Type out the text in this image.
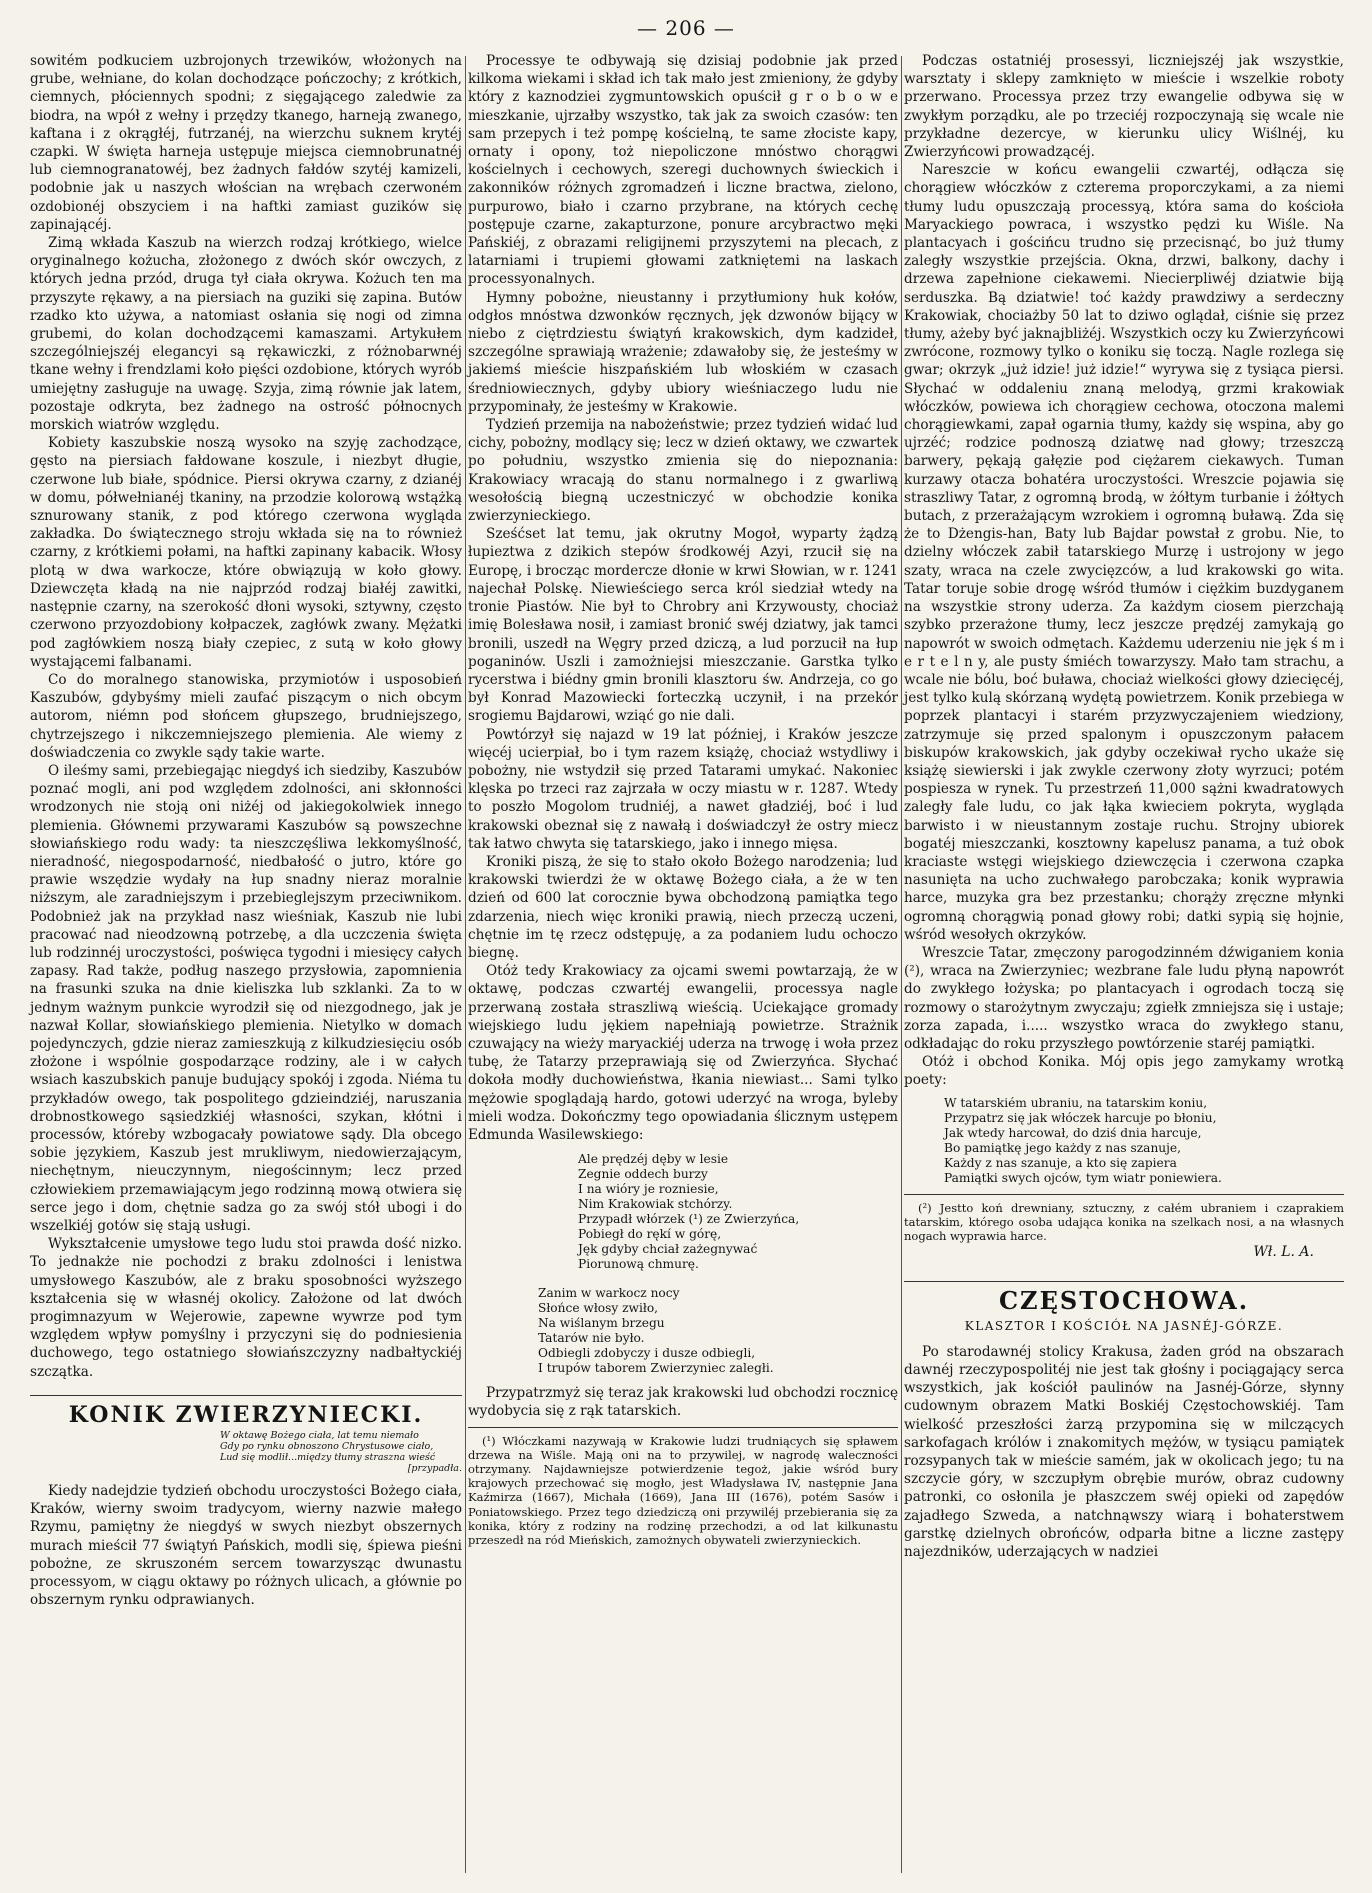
— 206 —

sowitém podkuciem uzbrojonych trzewików, włożonych na grube, wełniane, do kolan dochodzące pończochy; z krótkich, ciemnych, płóciennych spodni; z sięgającego zaledwie za biodra, na wpół z wełny i przędzy tkanego, harneją zwanego, kaftana i z okrągłéj, futrzanéj, na wierzchu suknem krytéj czapki. W święta harneja ustępuje miejsca ciemnobrunatnéj lub ciemnogranatowéj, bez żadnych fałdów szytéj kamizeli, podobnie jak u naszych włościan na wrębach czerwoném ozdobionéj obszyciem i na haftki zamiast guzików się zapinającéj.

Zimą wkłada Kaszub na wierzch rodzaj krótkiego, wielce oryginalnego kożucha, złożonego z dwóch skór owczych, z których jedna przód, druga tył ciała okrywa. Kożuch ten ma przyszyte rękawy, a na piersiach na guziki się zapina. Butów rzadko kto używa, a natomiast osłania się nogi od zimna grubemi, do kolan dochodzącemi kamaszami. Artykułem szczególniejszéj elegancyi są rękawiczki, z różnobarwnéj tkane wełny i frendzlami koło pięści ozdobione, których wyrób umiejętny zasługuje na uwagę. Szyja, zimą równie jak latem, pozostaje odkryta, bez żadnego na ostrość północnych morskich wiatrów względu.

Kobiety kaszubskie noszą wysoko na szyję zachodzące, gęsto na piersiach fałdowane koszule, i niezbyt długie, czerwone lub białe, spódnice. Piersi okrywa czarny, z dzianéj w domu, półwełnianéj tkaniny, na przodzie kolorową wstążką sznurowany stanik, z pod którego czerwona wygląda zakładka. Do świątecznego stroju wkłada się na to również czarny, z krótkiemi połami, na haftki zapinany kabacik. Włosy plotą w dwa warkocze, które obwiązują w koło głowy. Dziewczęta kładą na nie najprzód rodzaj białéj zawitki, następnie czarny, na szerokość dłoni wysoki, sztywny, często czerwono przyozdobiony kołpaczek, zagłówk zwany. Mężatki pod zagłówkiem noszą biały czepiec, z sutą w koło głowy wystającemi falbanami.

Co do moralnego stanowiska, przymiotów i usposobień Kaszubów, gdybyśmy mieli zaufać piszącym o nich obcym autorom, niémn pod słońcem głupszego, brudniejszego, chytrzejszego i nikczemniejszego plemienia. Ale wiemy z doświadczenia co zwykle sądy takie warte.

O ileśmy sami, przebiegając niegdyś ich siedziby, Kaszubów poznać mogli, ani pod względem zdolności, ani skłonności wrodzonych nie stoją oni niżéj od jakiegokolwiek innego plemienia. Głównemi przywarami Kaszubów są powszechne słowiańskiego rodu wady: ta nieszczęśliwa lekkomyślność, nieradność, niegospodarność, niedbałość o jutro, które go prawie wszędzie wydały na łup snadny nieraz moralnie niższym, ale zaradniejszym i przebieglejszym przeciwnikom. Podobnież jak na przykład nasz wieśniak, Kaszub nie lubi pracować nad nieodzowną potrzebę, a dla uczczenia święta lub rodzinnéj uroczystości, poświęca tygodni i miesięcy całych zapasy. Rad także, podług naszego przysłowia, zapomnienia na frasunki szuka na dnie kieliszka lub szklanki. Za to w jednym ważnym punkcie wyrodził się od niezgodnego, jak je nazwał Kollar, słowiańskiego plemienia. Nietylko w domach pojedynczych, gdzie nieraz zamieszkują z kilkudziesięciu osób złożone i wspólnie gospodarzące rodziny, ale i w całych wsiach kaszubskich panuje budujący spokój i zgoda. Niéma tu przykładów owego, tak pospolitego gdzieindziéj, naruszania drobnostkowego sąsiedzkiéj własności, szykan, kłótni i processów, któreby wzbogacały powiatowe sądy. Dla obcego sobie językiem, Kaszub jest mrukliwym, niedowierzającym, niechętnym, nieuczynnym, niegościnnym; lecz przed człowiekiem przemawiającym jego rodzinną mową otwiera się serce jego i dom, chętnie sadza go za swój stół ubogi i do wszelkiéj gotów się stają usługi.

Wykształcenie umysłowe tego ludu stoi prawda dość nizko. To jednakże nie pochodzi z braku zdolności i lenistwa umysłowego Kaszubów, ale z braku sposobności wyższego kształcenia się w własnéj okolicy. Założone od lat dwóch progimnazyum w Wejerowie, zapewne wywrze pod tym względem wpływ pomyślny i przyczyni się do podniesienia duchowego, tego ostatniego słowiańszczyzny nadbałtyckiéj szczątka.

KONIK ZWIERZYNIECKI.
W oktawę Bożego ciała, lat temu niemało
Gdy po rynku obnoszono Chrystusowe ciało,
Lud się modlił...między tłumy straszna wieść
[przypadła.

Kiedy nadejdzie tydzień obchodu uroczystości Bożego ciała, Kraków, wierny swoim tradycyom, wierny nazwie małego Rzymu, pamiętny że niegdyś w swych niezbyt obszernych murach mieścił 77 świątyń Pańskich, modli się, śpiewa pieśni pobożne, ze skruszoném sercem towarzysząc dwunastu processyom, w ciągu oktawy po różnych ulicach, a głównie po obszernym rynku odprawianych.

Processye te odbywają się dzisiaj podobnie jak przed kilkoma wiekami i skład ich tak mało jest zmieniony, że gdyby który z kaznodziei zygmuntowskich opuścił g r o b o w e mieszkanie, ujrzałby wszystko, tak jak za swoich czasów: ten sam przepych i też pompę kościelną, te same złociste kapy, ornaty i opony, toż niepoliczone mnóstwo chorągwi kościelnych i cechowych, szeregi duchownych świeckich i zakonników różnych zgromadzeń i liczne bractwa, zielono, purpurowo, biało i czarno przybrane, na których cechę postępuje czarne, zakapturzone, ponure arcybractwo męki Pańskiéj, z obrazami religijnemi przyszytemi na plecach, z latarniami i trupiemi głowami zatkniętemi na laskach processyonalnych.

Hymny pobożne, nieustanny i przytłumiony huk kołów, odgłos mnóstwa dzwonków ręcznych, jęk dzwonów bijący w niebo z ciętrdziestu świątyń krakowskich, dym kadzideł, szczególne sprawiają wrażenie; zdawałoby się, że jesteśmy w jakiemś mieście hiszpańskiém lub włoskiém w czasach średniowiecznych, gdyby ubiory wieśniaczego ludu nie przypominały, że jesteśmy w Krakowie.

Tydzień przemija na nabożeństwie; przez tydzień widać lud cichy, pobożny, modlący się; lecz w dzień oktawy, we czwartek po południu, wszystko zmienia się do niepoznania: Krakowiacy wracają do stanu normalnego i z gwarliwą wesołością biegną uczestniczyć w obchodzie konika zwierzynieckiego.

Sześćset lat temu, jak okrutny Mogoł, wyparty żądzą łupieztwa z dzikich stepów środkowéj Azyi, rzucił się na Europę, i brocząc mordercze dłonie w krwi Słowian, w r. 1241 najechał Polskę. Niewieściego serca król siedział wtedy na tronie Piastów. Nie był to Chrobry ani Krzywousty, chociaż imię Bolesława nosił, i zamiast bronić swéj dziatwy, jak tamci bronili, uszedł na Węgry przed dziczą, a lud porzucił na łup poganinów. Uszli i zamożniejsi mieszczanie. Garstka tylko rycerstwa i biédny gmin bronili klasztoru św. Andrzeja, co go był Konrad Mazowiecki forteczką uczynił, i na przekór srogiemu Bajdarowi, wziąć go nie dali.

Powtórzył się najazd w 19 lat później, i Kraków jeszcze więcéj ucierpiał, bo i tym razem książę, chociaż wstydliwy i pobożny, nie wstydził się przed Tatarami umykać. Nakoniec klęska po trzeci raz zajrzała w oczy miastu w r. 1287. Wtedy to poszło Mogolom trudniéj, a nawet gładziéj, boć i lud krakowski obeznał się z nawałą i doświadczył że ostry miecz tak łatwo chwyta się tatarskiego, jako i innego mięsa.

Kroniki piszą, że się to stało około Bożego narodzenia; lud krakowski twierdzi że w oktawę Bożego ciała, a że w ten dzień od 600 lat corocznie bywa obchodzoną pamiątka tego zdarzenia, niech więc kroniki prawią, niech przeczą uczeni, chętnie im tę rzecz odstępuję, a za podaniem ludu ochoczo biegnę.

Otóż tedy Krakowiacy za ojcami swemi powtarzają, że w oktawę, podczas czwartéj ewangelii, processya nagle przerwaną została straszliwą wieścią. Uciekające gromady wiejskiego ludu jękiem napełniają powietrze. Strażnik czuwający na wieży maryackiéj uderza na trwogę i woła przez tubę, że Tatarzy przeprawiają się od Zwierzyńca. Słychać dokoła modły duchowieństwa, łkania niewiast... Sami tylko mężowie spoglądają hardo, gotowi uderzyć na wroga, byleby mieli wodza. Dokończmy tego opowiadania ślicznym ustępem Edmunda Wasilewskiego:

Ale prędzéj dęby w lesie
Zegnie oddech burzy
I na wióry je roznie​sie,
Nim Krakowiak stchórzy.
Przypadł włórzek (¹) ze Zwie​rzyńca,
Pobiegł do rękí w górę,
Jęk gdyby chciał zażegnywać
Piorunową chmurę.
Zanim w warkocz nocy
Słońce włosy zwiło,
Na wiślanym brzegu
Tatarów nie było.
Odbiegli zdobyczy i dusze odbiegli,
I trupów taborem Zwierzyniec zaległi.

Przypatrzmyż się teraz jak krakowski lud obchodzi rocznicę wydobycia się z rąk tatarskich.

(¹) Włóczkami nazywają w Krakowie ludzi trudniących się spławem drzewa na Wiśle. Mają oni na to przywilej, w nagrodę waleczności otrzymany. Najdawniejsze potwierdzenie tegoż, jakie wśród bury krajowych przechować się mogło, jest Władysława IV, następnie Jana Kaźmirza (1667), Michała (1669), Jana III (1676), potém Sasów i Poniatowskiego. Przez tego dziedziczą oni przywiléj przebierania się za konika, który z rodziny na rodzinę przechodzi, a od lat kilkunastu przeszedł na ród Mieńskich, zamożnych obywateli zwierzynieckich.

Podczas ostatniéj prosessyi, liczniejszéj jak wszystkie, warsztaty i sklepy zamknięto w mieście i wszelkie roboty przerwano. Processya przez trzy ewangelie odbywa się w zwykłym porządku, ale po trzeciéj rozpoczynają się wcale nie przykładne dezercye, w kierunku ulicy Wiślnéj, ku Zwierzyńcowi prowadzącéj.

Nareszcie w końcu ewangelii czwartéj, odłącza się chorągiew włóczków z czterema proporczykami, a za niemi tłumy ludu opuszczają processyą, która sama do kościoła Maryackiego powraca, i wszystko pędzi ku Wiśle. Na plantacyach i gościńcu trudno się przecisnąć, bo już tłumy zaległy wszystkie przejścia. Okna, drzwi, balkony, dachy i drzewa zapełnione ciekawemi. Niecierpliwéj dziatwie biją serduszka. Bą dziatwie! toć każdy prawdziwy a serdeczny Krakowiak, chociażby 50 lat to dziwo oglądał, ciśnie się przez tłumy, ażeby być jaknajbliżéj. Wszystkich oczy ku Zwierzyńcowi zwrócone, rozmowy tylko o koniku się toczą. Nagle rozlega się gwar; okrzyk „już idzie! już idzie!“ wyrywa się z tysiąca piersi. Słychać w oddaleniu znaną melodyą, grzmi krakowiak włóczków, powiewa ich chorągiew cechowa, otoczona malemi chorągiewkami, zapał ogarnia tłumy, każdy się wspina, aby go ujrzéć; rodzice podnoszą dziatwę nad głowy; trzeszczą barwery, pękają gałęzie pod ciężarem ciekawych. Tuman kurzawy otacza bohatéra uroczystości. Wreszcie pojawia się straszliwy Tatar, z ogromną brodą, w żółtym turbanie i żółtych butach, z przerażającym wzrokiem i ogromną buławą. Zda się że to Dżengis-han, Baty lub Bajdar powstał z grobu. Nie, to dzielny włóczek zabił tatarskiego Murzę i ustrojony w jego szaty, wraca na czele zwycięzców, a lud krakowski go wita. Tatar toruje sobie drogę wśród tłumów i ciężkim buzdyganem na wszystkie strony uderza. Za każdym ciosem pierzchają szybko przerażone tłumy, lecz jeszcze prędzéj zamykają go napowrót w swoich odmętach. Każdemu uderzeniu nie jęk ś m i e r t e l n y, ale pusty śmiéch towarzyszy. Mało tam strachu, a wcale nie bólu, boć buława, chociaż wielkości głowy dziecięcéj, jest tylko kulą skórzaną wydętą powietrzem. Konik przebiega w poprzek plantacyi i starém przyzwyczajeniem wiedziony, zatrzymuje się przed spalonym i opuszczonym pałacem biskupów krakowskich, jak gdyby oczekiwał rycho ukaże się książę siewierski i jak zwykle czerwony złoty wyrzuci; potém pospiesza w rynek. Tu przestrzeń 11,000 sążni kwadratowych zaległy fale ludu, co jak łąka kwieciem pokryta, wygląda barwisto i w nieustannym zostaje ruchu. Strojny ubiorek bogatéj mieszczanki, kosztowny kapelusz panama, a tuż obok kraciaste wstęgi wiejskiego dziewczęcia i czerwona czapka nasunięta na ucho zuchwałego parobczaka; konik wyprawia harce, muzyka gra bez przestanku; chorąży zręczne młynki ogromną chorągwią ponad głowy robi; datki sypią się hojnie, wśród wesołych okrzyków.

Wreszcie Tatar, zmęczony parogodzinném dźwiganiem konia (²), wraca na Zwierzyniec; wezbrane fale ludu płyną napowrót do zwykłego łożyska; po plantacyach i ogrodach toczą się rozmowy o starożytnym zwyczaju; zgiełk zmniejsza się i ustaje; zorza zapada, i..... wszystko wraca do zwykłego stanu, odkładając do roku przyszłego powtórzenie staréj pamiątki.

Otóż i obchod Konika. Mój opis jego zamykamy wrotką poety:

W tatarskiém ubraniu, na tatarskim koniu,
Przypatrz się jak włóczek harcuje po błoniu,
Jak wtedy harcował, do dziś dnia harcuje,
Bo pamiątkę jego każdy z nas szanuje,
Każdy z nas szanuje, a kto się zapiera
Pamiątki swych ojców, tym wiatr poniewiera.

(²) Jestto koń drewniany, sztuczny, z całém ubraniem i czaprakiem tatarskim, którego osoba udająca konika na szelkach nosi, a na własnych nogach wyprawia harce.

Wł. L. A.
CZĘSTOCHOWA.
KLASZTOR I KOŚCIÓŁ NA JASNÉJ-GÓRZE.

Po starodawnéj stolicy Krakusa, żaden gród na obszarach dawnéj rzeczypospolitéj nie jest tak głośny i pociągający serca wszystkich, jak kościół paulinów na Jasnéj-Górze, słynny cudownym obrazem Matki Boskiéj Częstochowskiéj. Tam wielkość przeszłości żarzą przypomina się w milczących sarkofagach królów i znakomitych mężów, w tysiącu pamiątek rozsypanych tak w mieście samém, jak w okolicach jego; tu na szczycie góry, w szczupłym obrębie murów, obraz cudowny patronki, co osłonila je płaszczem swéj opieki od zapędów zajadłego Szweda, a natchnąwszy wiarą i bohaterstwem garstkę dzielnych obrońców, odparła bitne a liczne zastępy najezdników, uderzających w nadziei
